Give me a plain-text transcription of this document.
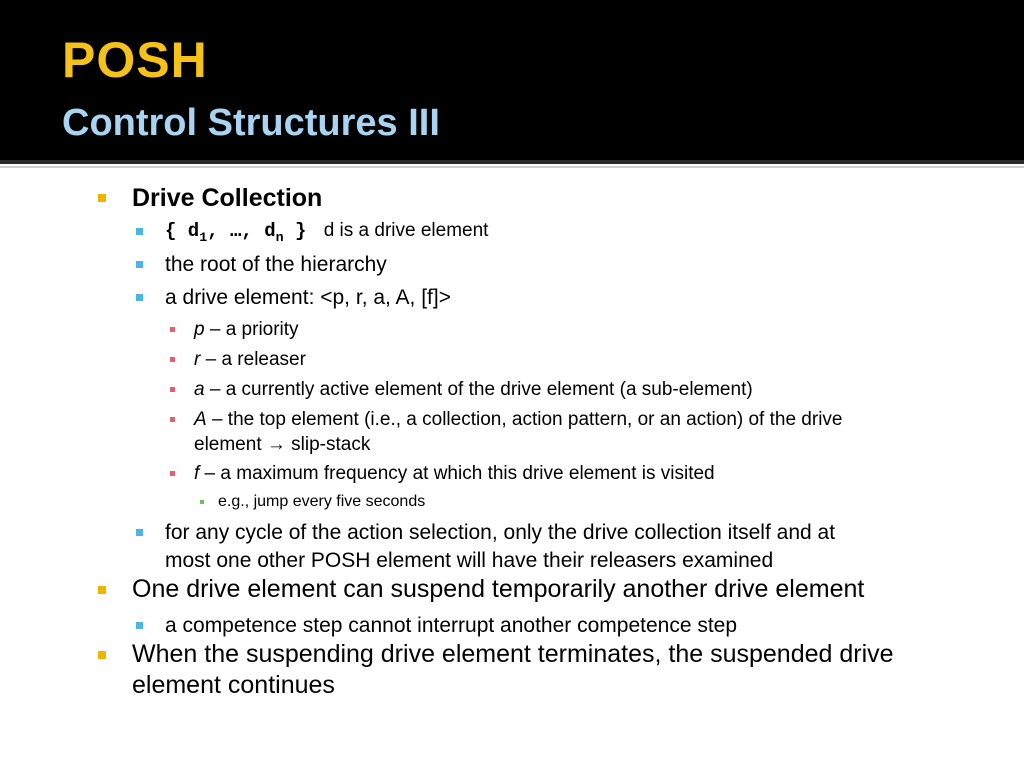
POSH
Control Structures III
Drive Collection
{ $d_1$, …, $d_n$ } d is a drive element
the root of the hierarchy
a drive element: <p, r, a, A, [f]>
p – a priority
r – a releaser
a – a currently active element of the drive element (a sub-element)
A – the top element (i.e., a collection, action pattern, or an action) of the drive
element → slip-stack
f – a maximum frequency at which this drive element is visited
e.g., jump every five seconds
for any cycle of the action selection, only the drive collection itself and at
most one other POSH element will have their releasers examined
One drive element can suspend temporarily another drive element
a competence step cannot interrupt another competence step
When the suspending drive element terminates, the suspended drive
element continues
